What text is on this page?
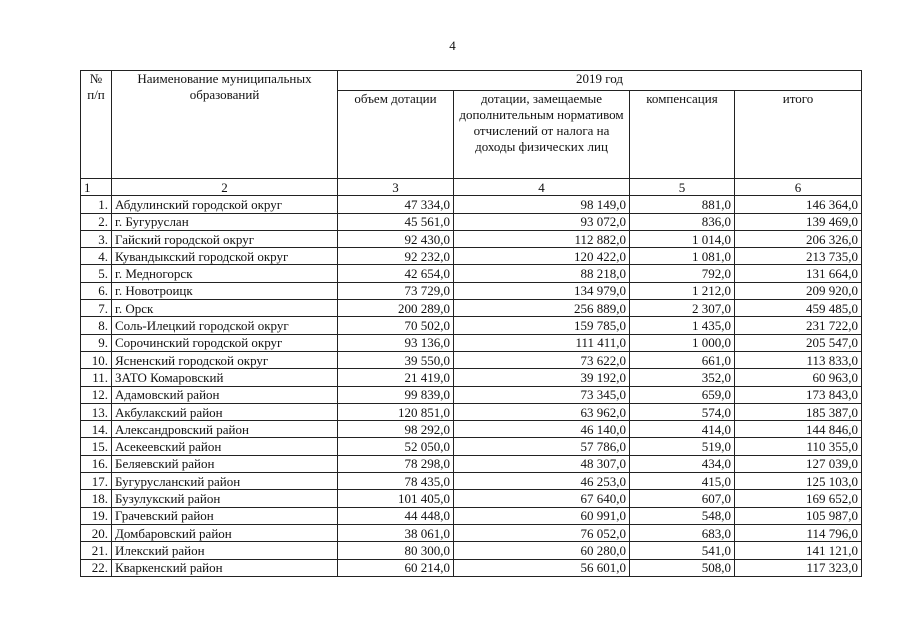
4
№ п/п	Наименование муниципальных образований	2019 год			
		объем дотации	дотации, замещаемые дополнительным нормативом отчислений от налога на доходы физических лиц	компенсация	итого
1	2	3	4	5	6
1.	Абдулинский городской округ	47 334,0	98 149,0	881,0	146 364,0
2.	г. Бугуруслан	45 561,0	93 072,0	836,0	139 469,0
3.	Гайский городской округ	92 430,0	112 882,0	1 014,0	206 326,0
4.	Кувандыкский городской округ	92 232,0	120 422,0	1 081,0	213 735,0
5.	г. Медногорск	42 654,0	88 218,0	792,0	131 664,0
6.	г. Новотроицк	73 729,0	134 979,0	1 212,0	209 920,0
7.	г. Орск	200 289,0	256 889,0	2 307,0	459 485,0
8.	Соль-Илецкий городской округ	70 502,0	159 785,0	1 435,0	231 722,0
9.	Сорочинский городской округ	93 136,0	111 411,0	1 000,0	205 547,0
10.	Ясненский городской округ	39 550,0	73 622,0	661,0	113 833,0
11.	ЗАТО Комаровский	21 419,0	39 192,0	352,0	60 963,0
12.	Адамовский район	99 839,0	73 345,0	659,0	173 843,0
13.	Акбулакский район	120 851,0	63 962,0	574,0	185 387,0
14.	Александровский район	98 292,0	46 140,0	414,0	144 846,0
15.	Асекеевский район	52 050,0	57 786,0	519,0	110 355,0
16.	Беляевский район	78 298,0	48 307,0	434,0	127 039,0
17.	Бугурусланский район	78 435,0	46 253,0	415,0	125 103,0
18.	Бузулукский район	101 405,0	67 640,0	607,0	169 652,0
19.	Грачевский район	44 448,0	60 991,0	548,0	105 987,0
20.	Домбаровский район	38 061,0	76 052,0	683,0	114 796,0
21.	Илекский район	80 300,0	60 280,0	541,0	141 121,0
22.	Кваркенский район	60 214,0	56 601,0	508,0	117 323,0
